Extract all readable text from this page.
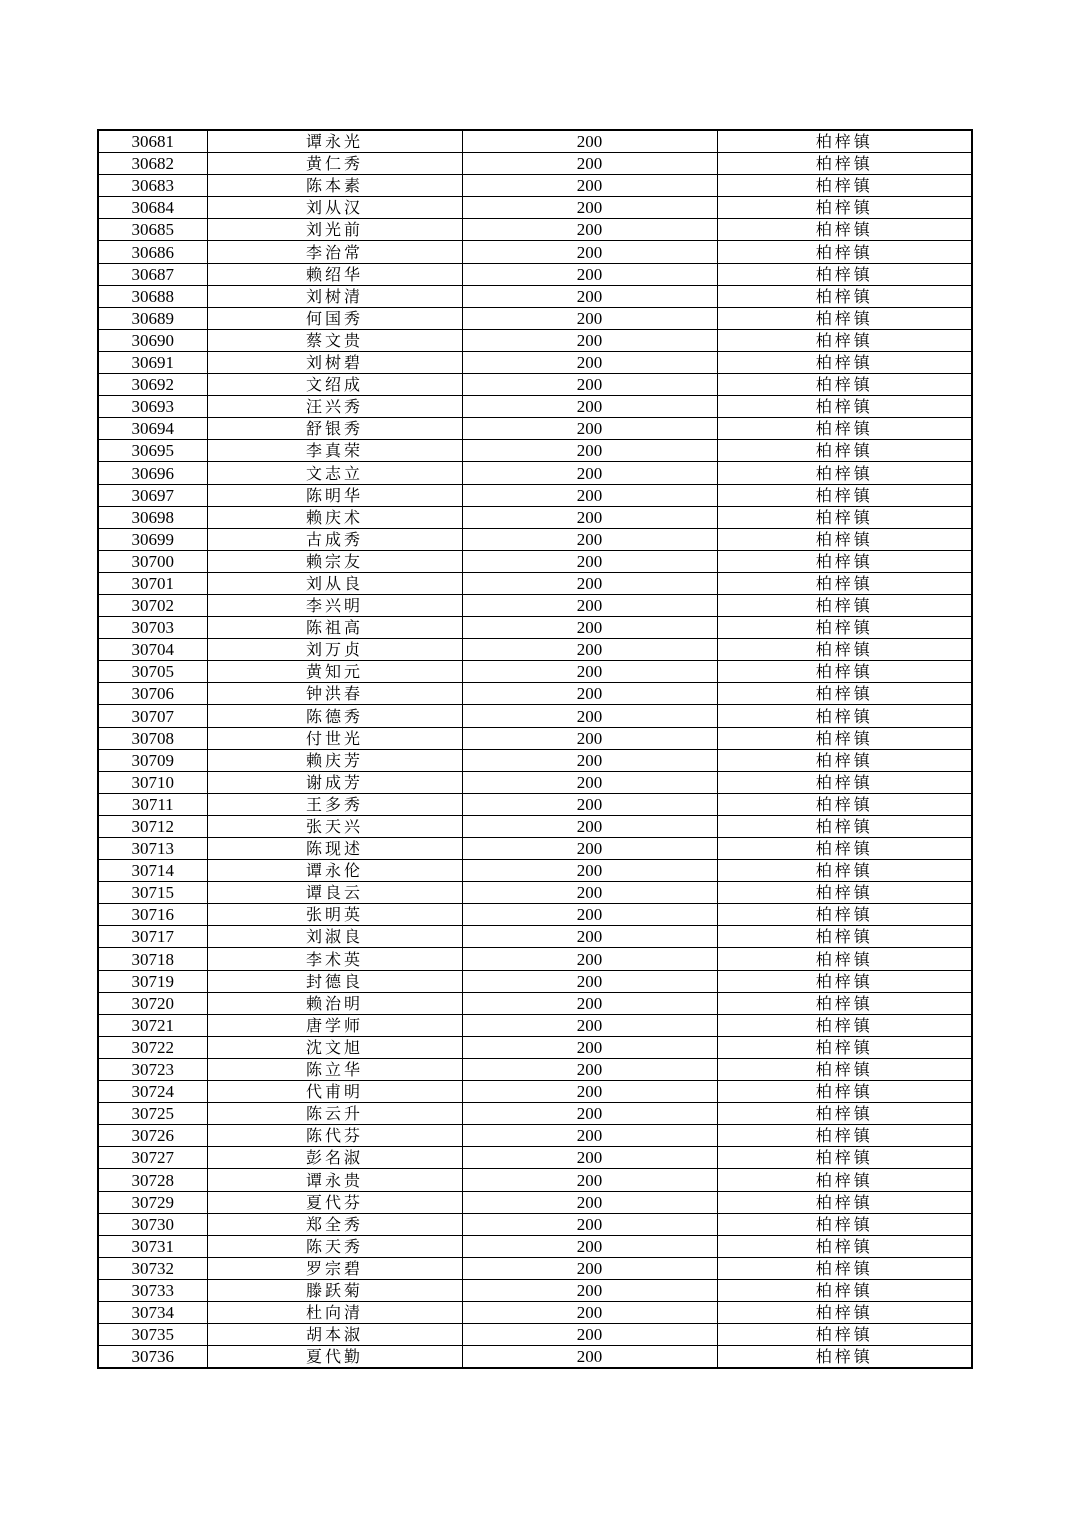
30681	谭永光	200	柏梓镇
30682	黄仁秀	200	柏梓镇
30683	陈本素	200	柏梓镇
30684	刘从汉	200	柏梓镇
30685	刘光前	200	柏梓镇
30686	李治常	200	柏梓镇
30687	赖绍华	200	柏梓镇
30688	刘树清	200	柏梓镇
30689	何国秀	200	柏梓镇
30690	蔡文贵	200	柏梓镇
30691	刘树碧	200	柏梓镇
30692	文绍成	200	柏梓镇
30693	汪兴秀	200	柏梓镇
30694	舒银秀	200	柏梓镇
30695	李真荣	200	柏梓镇
30696	文志立	200	柏梓镇
30697	陈明华	200	柏梓镇
30698	赖庆术	200	柏梓镇
30699	古成秀	200	柏梓镇
30700	赖宗友	200	柏梓镇
30701	刘从良	200	柏梓镇
30702	李兴明	200	柏梓镇
30703	陈祖高	200	柏梓镇
30704	刘万贞	200	柏梓镇
30705	黄知元	200	柏梓镇
30706	钟洪春	200	柏梓镇
30707	陈德秀	200	柏梓镇
30708	付世光	200	柏梓镇
30709	赖庆芳	200	柏梓镇
30710	谢成芳	200	柏梓镇
30711	王多秀	200	柏梓镇
30712	张天兴	200	柏梓镇
30713	陈现述	200	柏梓镇
30714	谭永伦	200	柏梓镇
30715	谭良云	200	柏梓镇
30716	张明英	200	柏梓镇
30717	刘淑良	200	柏梓镇
30718	李术英	200	柏梓镇
30719	封德良	200	柏梓镇
30720	赖治明	200	柏梓镇
30721	唐学师	200	柏梓镇
30722	沈文旭	200	柏梓镇
30723	陈立华	200	柏梓镇
30724	代甫明	200	柏梓镇
30725	陈云升	200	柏梓镇
30726	陈代芬	200	柏梓镇
30727	彭名淑	200	柏梓镇
30728	谭永贵	200	柏梓镇
30729	夏代芬	200	柏梓镇
30730	郑全秀	200	柏梓镇
30731	陈天秀	200	柏梓镇
30732	罗宗碧	200	柏梓镇
30733	滕跃菊	200	柏梓镇
30734	杜向清	200	柏梓镇
30735	胡本淑	200	柏梓镇
30736	夏代勤	200	柏梓镇
